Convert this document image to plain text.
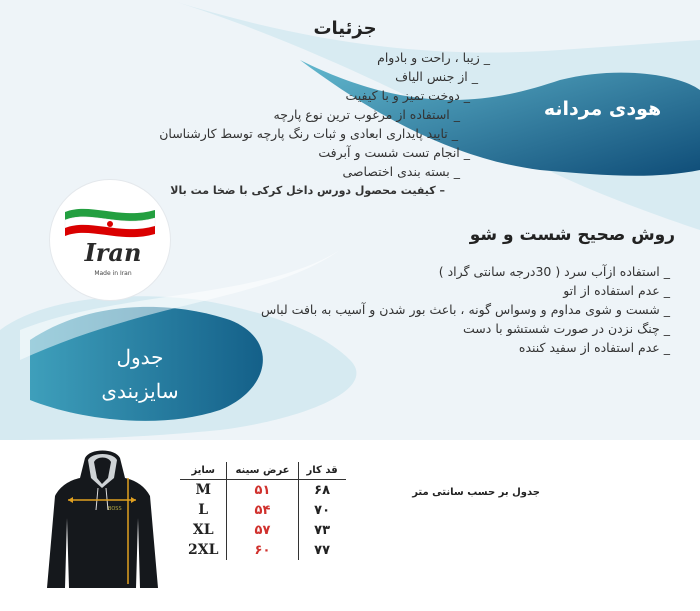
جزئیات
_ زیبا ، راحت و بادوام
_ از جنس الیاف
_ دوخت تمیز و با کیفیت
_ استفاده از مرغوب ترین نوع پارچه
_ تایید پایداری ابعادی و ثبات رنگ پارچه توسط کارشناسان
_ انجام تست شست و آبرفت
_ بسته بندی اختصاصی
– کیفیت محصول دورس داخل کرکی با ضخا مت بالا
هودی مردانه
Iran
Made in Iran
روش صحیح شست و شو
_ استفاده ازآب سرد ( 30درجه سانتی گراد )
_ عدم استفاده از اتو
_ شست و شوی مداوم و وسواس گونه ، باعث بور شدن و آسیب به بافت لباس
_ چنگ نزدن در صورت شستشو با دست
_ عدم استفاده از سفید کننده
جدول
سایزبندی
BOSS
قد کار	عرض سینه	سایز
۶۸	۵۱	M
۷۰	۵۴	L
۷۳	۵۷	XL
۷۷	۶۰	2XL
جدول بر حسب سانتی متر
